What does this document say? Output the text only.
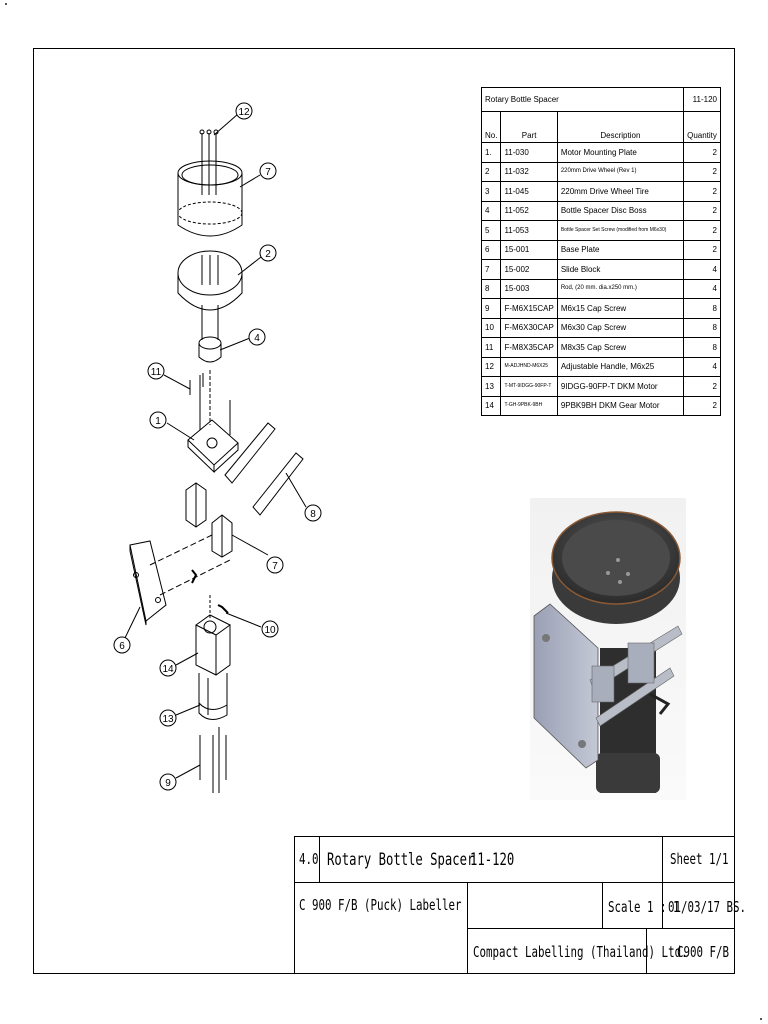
Rotary Bottle Spacer			11-120
No.	Part	Description	Quantity
1.	11-030	Motor Mounting Plate	2
2	11-032	220mm Drive Wheel (Rev 1)	2
3	11-045	220mm Drive Wheel Tire	2
4	11-052	Bottle Spacer Disc Boss	2
5	11-053	Bottle Spacer Set Screw (modified from M6x30)	2
6	15-001	Base Plate	2
7	15-002	Slide Block	4
8	15-003	Rod, (20 mm. dia.x250 mm.)	4
9	F-M6X15CAP	M6x15 Cap Screw	8
10	F-M6X30CAP	M6x30 Cap Screw	8
11	F-M8X35CAP	M8x35 Cap Screw	8
12	M-ADJHND-M6X25	Adjustable Handle, M6x25	4
13	T-MT-9IDGG-90FP-T	9IDGG-90FP-T DKM Motor	2
14	T-GH-9PBK-9BH	9PBK9BH DKM Gear Motor	2
12
7
2
4
11
1
8
7
6
10
14
13
9
4.0 Rotary Bottle Spacer
11-120	Sheet 1/1
C 900 F/B (Puck) Labeller	Scale 1 : 1
01/03/17 BS.
Compact Labelling (Thailand) Ltd.
C900 F/B
